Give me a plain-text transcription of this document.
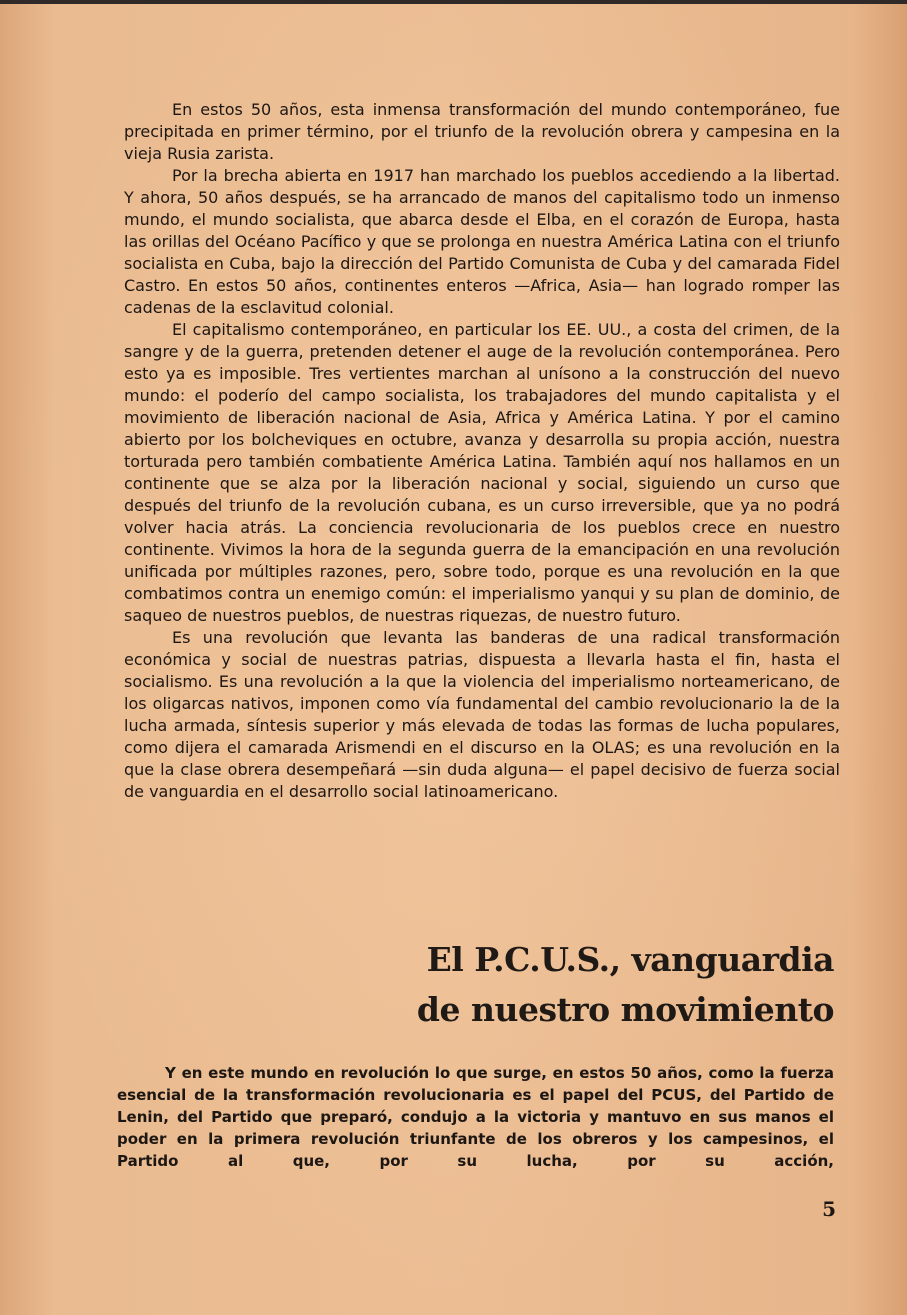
En estos 50 años, esta inmensa transformación del mundo contemporáneo, fue precipitada en primer término, por el triunfo de la revolución obrera y campesina en la vieja Rusia zarista.

Por la brecha abierta en 1917 han marchado los pueblos accediendo a la libertad. Y ahora, 50 años después, se ha arrancado de manos del capitalismo todo un inmenso mundo, el mundo socialista, que abarca desde el Elba, en el corazón de Europa, hasta las orillas del Océano Pacífico y que se prolonga en nuestra América Latina con el triunfo socialista en Cuba, bajo la dirección del Partido Comunista de Cuba y del camarada Fidel Castro. En estos 50 años, continentes enteros —Africa, Asia— han logrado romper las cadenas de la esclavitud colonial.

El capitalismo contemporáneo, en particular los EE. UU., a costa del crimen, de la sangre y de la guerra, pretenden detener el auge de la revolución contemporánea. Pero esto ya es imposible. Tres vertientes marchan al unísono a la construcción del nuevo mundo: el poderío del campo socialista, los trabajadores del mundo capitalista y el movimiento de liberación nacional de Asia, Africa y América Latina. Y por el camino abierto por los bolcheviques en octubre, avanza y desarrolla su propia acción, nuestra torturada pero también combatiente América Latina. También aquí nos hallamos en un continente que se alza por la liberación nacional y social, siguiendo un curso que después del triunfo de la revolución cubana, es un curso irreversible, que ya no podrá volver hacia atrás. La conciencia revolucionaria de los pueblos crece en nuestro continente. Vivimos la hora de la segunda guerra de la emancipación en una revolución unificada por múltiples razones, pero, sobre todo, porque es una revolución en la que combatimos contra un enemigo común: el imperialismo yanqui y su plan de dominio, de saqueo de nuestros pueblos, de nuestras riquezas, de nuestro futuro.

Es una revolución que levanta las banderas de una radical transformación económica y social de nuestras patrias, dispuesta a llevarla hasta el fin, hasta el socialismo. Es una revolución a la que la violencia del imperialismo norteamericano, de los oligarcas nativos, imponen como vía fundamental del cambio revolucionario la de la lucha armada, síntesis superior y más elevada de todas las formas de lucha populares, como dijera el camarada Arismendi en el discurso en la OLAS; es una revolución en la que la clase obrera desempeñará —sin duda alguna— el papel decisivo de fuerza social de vanguardia en el desarrollo social latinoamericano.

El P.C.U.S., vanguardia
de nuestro movimiento

Y en este mundo en revolución lo que surge, en estos 50 años, como la fuerza esencial de la transformación revolucionaria es el papel del PCUS, del Partido de Lenin, del Partido que preparó, condujo a la victoria y mantuvo en sus manos el poder en la primera revolución triunfante de los obreros y los campesinos, el Partido al que, por su lucha, por su acción,

5
